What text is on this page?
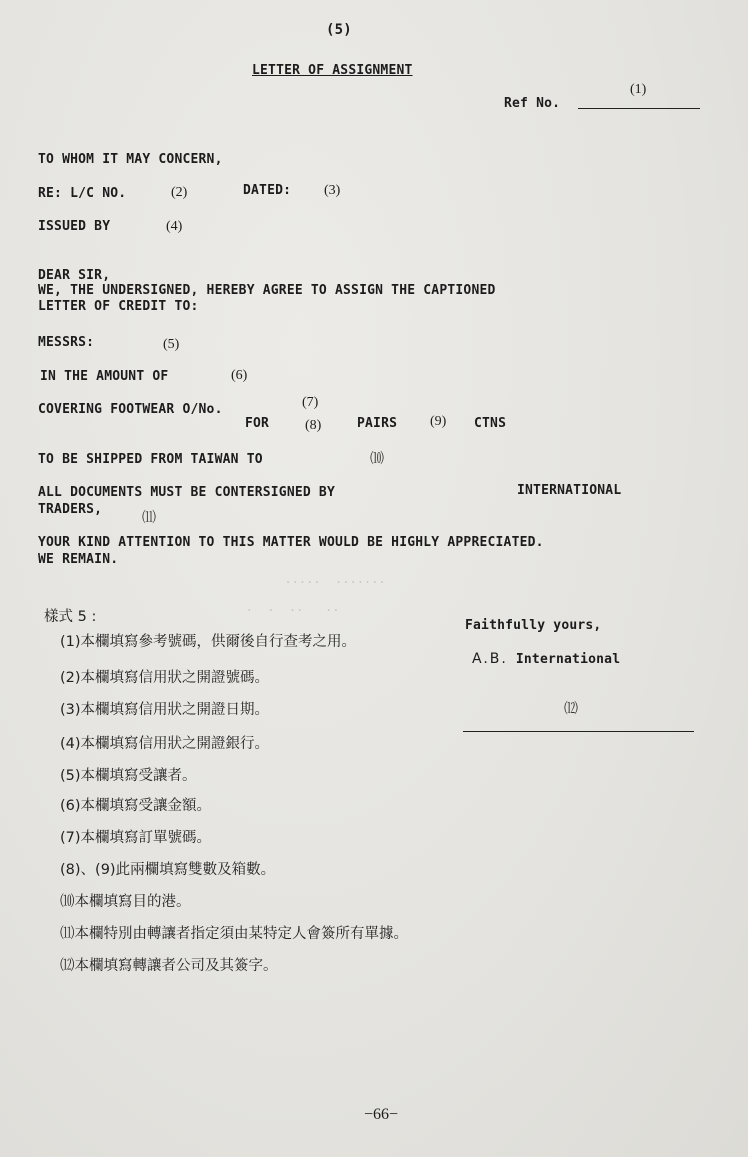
(5)
LETTER OF ASSIGNMENT
Ref No.
(1)
TO WHOM IT MAY CONCERN,
RE: L/C NO.	(2)	DATED: (3)
ISSUED BY	(4)
DEAR SIR,
WE, THE UNDERSIGNED, HEREBY AGREE TO ASSIGN THE CAPTIONED
LETTER OF CREDIT TO:
MESSRS:	(5)
IN THE AMOUNT OF	(6)
COVERING FOOTWEAR O/No.	(7)
FOR	(8)	PAIRS (9) CTNS
TO BE SHIPPED FROM TAIWAN TO	⑽
ALL DOCUMENTS MUST BE CONTERSIGNED BY	INTERNATIONAL
TRADERS,
⑾
YOUR KIND ATTENTION TO THIS MATTER WOULD BE HIGHLY APPRECIATED.
WE REMAIN.
.....  .......
.  .  ..   ..
Faithfully yours,
A.B. International
⑿
樣式 5 :
(1)本欄填寫參考號碼，供爾後自行查考之用。
(2)本欄填寫信用狀之開證號碼。
(3)本欄填寫信用狀之開證日期。
(4)本欄填寫信用狀之開證銀行。
(5)本欄填寫受讓者。
(6)本欄填寫受讓金額。
(7)本欄填寫訂單號碼。
(8)、(9)此兩欄填寫雙數及箱數。
⑽本欄填寫目的港。
⑾本欄特別由轉讓者指定須由某特定人會簽所有單據。
⑿本欄填寫轉讓者公司及其簽字。
−66−
